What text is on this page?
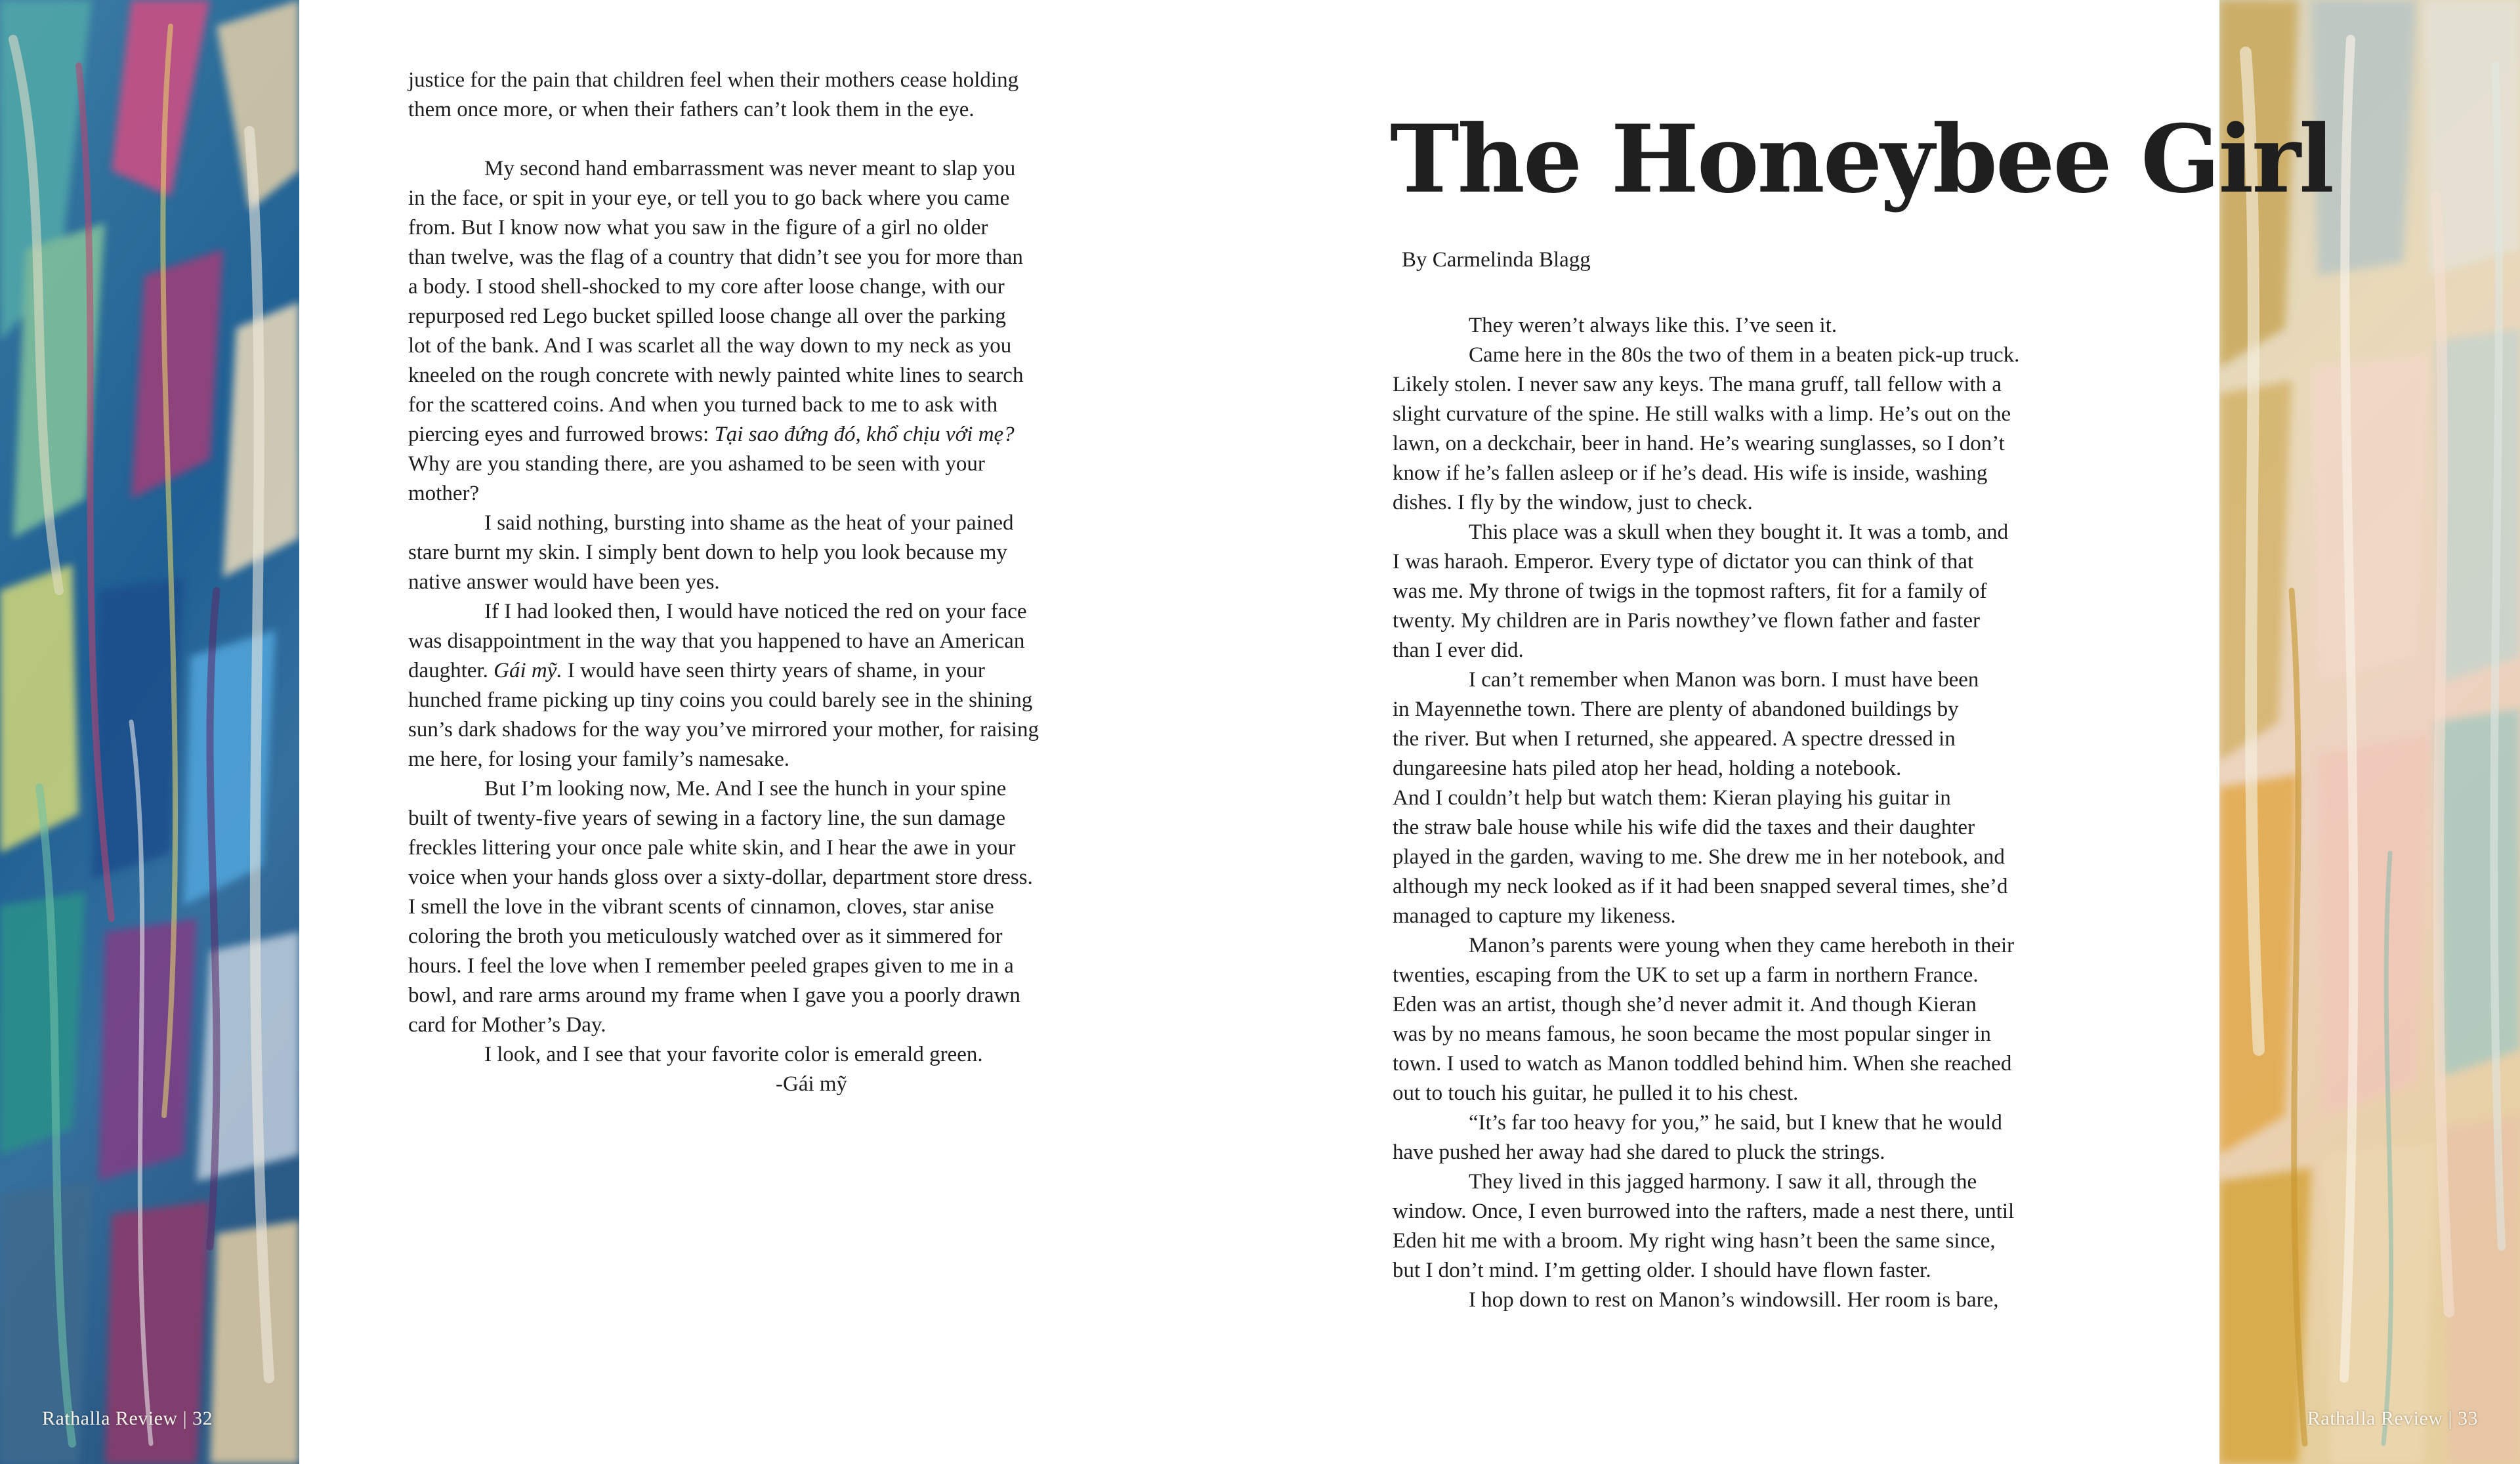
Rathalla Review | 32	Rathalla Review | 33

justice for the pain that children feel when their mothers cease holding
them once more, or when their fathers can’t look them in the eye.

My second hand embarrassment was never meant to slap you
in the face, or spit in your eye, or tell you to go back where you came
from. But I know now what you saw in the figure of a girl no older
than twelve, was the flag of a country that didn’t see you for more than
a body. I stood shell-shocked to my core after loose change, with our
repurposed red Lego bucket spilled loose change all over the parking
lot of the bank. And I was scarlet all the way down to my neck as you
kneeled on the rough concrete with newly painted white lines to search
for the scattered coins. And when you turned back to me to ask with
piercing eyes and furrowed brows: Tại sao đứng đó, khổ chịu với mẹ?
Why are you standing there, are you ashamed to be seen with your
mother?

I said nothing, bursting into shame as the heat of your pained
stare burnt my skin. I simply bent down to help you look because my
native answer would have been yes.

If I had looked then, I would have noticed the red on your face
was disappointment in the way that you happened to have an American
daughter. Gái mỹ. I would have seen thirty years of shame, in your
hunched frame picking up tiny coins you could barely see in the shining
sun’s dark shadows for the way you’ve mirrored your mother, for raising
me here, for losing your family’s namesake.

But I’m looking now, Me. And I see the hunch in your spine
built of twenty-five years of sewing in a factory line, the sun damage
freckles littering your once pale white skin, and I hear the awe in your
voice when your hands gloss over a sixty-dollar, department store dress.
I smell the love in the vibrant scents of cinnamon, cloves, star anise
coloring the broth you meticulously watched over as it simmered for
hours. I feel the love when I remember peeled grapes given to me in a
bowl, and rare arms around my frame when I gave you a poorly drawn
card for Mother’s Day.

I look, and I see that your favorite color is emerald green.

-Gái mỹ

The Honeybee Girl

By Carmelinda Blagg

They weren’t always like this. I’ve seen it.

Came here in the 80s the two of them in a beaten pick-up truck.
Likely stolen. I never saw any keys. The mana gruff, tall fellow with a
slight curvature of the spine. He still walks with a limp. He’s out on the
lawn, on a deckchair, beer in hand. He’s wearing sunglasses, so I don’t
know if he’s fallen asleep or if he’s dead. His wife is inside, washing
dishes. I fly by the window, just to check.

This place was a skull when they bought it. It was a tomb, and
I was haraoh. Emperor. Every type of dictator you can think of that
was me. My throne of twigs in the topmost rafters, fit for a family of
twenty. My children are in Paris nowthey’ve flown father and faster
than I ever did.

I can’t remember when Manon was born. I must have been
in Mayennethe town. There are plenty of abandoned buildings by
the river. But when I returned, she appeared. A spectre dressed in
dungareesine hats piled atop her head, holding a notebook.
And I couldn’t help but watch them: Kieran playing his guitar in
the straw bale house while his wife did the taxes and their daughter
played in the garden, waving to me. She drew me in her notebook, and
although my neck looked as if it had been snapped several times, she’d
managed to capture my likeness.

Manon’s parents were young when they came hereboth in their
twenties, escaping from the UK to set up a farm in northern France.
Eden was an artist, though she’d never admit it. And though Kieran
was by no means famous, he soon became the most popular singer in
town. I used to watch as Manon toddled behind him. When she reached
out to touch his guitar, he pulled it to his chest.

“It’s far too heavy for you,” he said, but I knew that he would
have pushed her away had she dared to pluck the strings.

They lived in this jagged harmony. I saw it all, through the
window. Once, I even burrowed into the rafters, made a nest there, until
Eden hit me with a broom. My right wing hasn’t been the same since,
but I don’t mind. I’m getting older. I should have flown faster.

I hop down to rest on Manon’s windowsill. Her room is bare,
